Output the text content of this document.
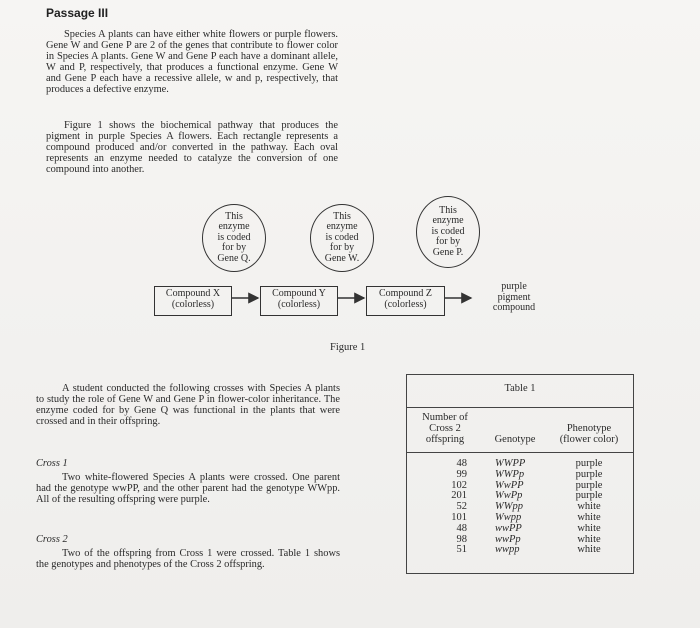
Passage III

Species A plants can have either white flowers or purple flowers. Gene W and Gene P are 2 of the genes that contribute to flower color in Species A plants. Gene W and Gene P each have a dominant allele, W and P, respectively, that produces a functional enzyme. Gene W and Gene P each have a recessive allele, w and p, respectively, that produces a defective enzyme.

Figure 1 shows the biochemical pathway that produces the pigment in purple Species A flowers. Each rectangle represents a compound produced and/or converted in the pathway. Each oval represents an enzyme needed to catalyze the conversion of one compound into another.

This
enzyme
is coded
for by
Gene Q.
This
enzyme
is coded
for by
Gene W.
This
enzyme
is coded
for by
Gene P.
Compound X
(colorless)
Compound Y
(colorless)
Compound Z
(colorless)
purple
pigment
compound
Figure 1

A student conducted the following crosses with Species A plants to study the role of Gene W and Gene P in flower-color inheritance. The enzyme coded for by Gene Q was functional in the plants that were crossed and in their offspring.

Cross 1

Two white-flowered Species A plants were crossed. One parent had the genotype wwPP, and the other parent had the genotype WWpp. All of the resulting offspring were purple.

Cross 2

Two of the offspring from Cross 1 were crossed. Table 1 shows the genotypes and phenotypes of the Cross 2 offspring.

Table 1
Number of
Cross 2
offspring	Genotype
Phenotype
(flower color)
48
99
102
201
52
101
48
98
51
WWPP
WWPp
WwPP
WwPp
WWpp
Wwpp
wwPP
wwPp
wwpp
purple
purple
purple
purple
white
white
white
white
white
